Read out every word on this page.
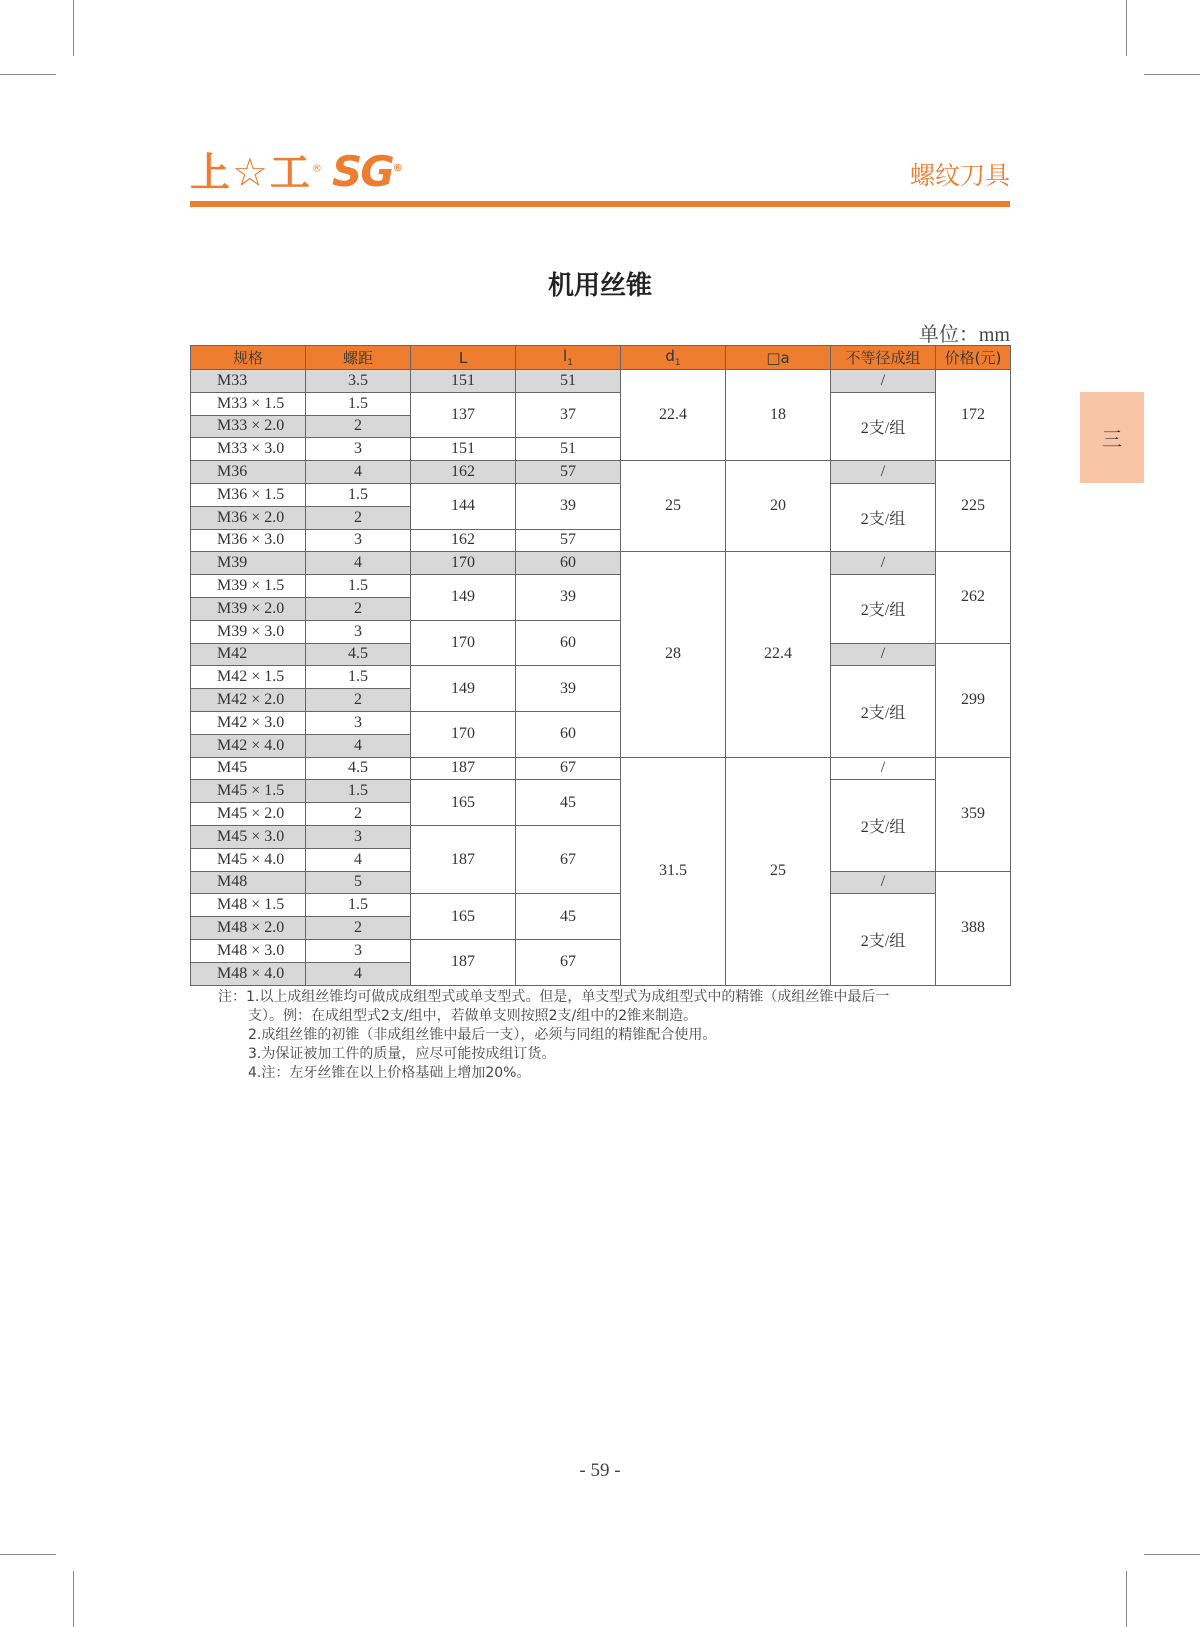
上☆工® SG®	螺纹刀具
机用丝锥
单位：mm
三
规格	螺距	L	$l_1$	$d_1$	□a	不等径成组	价格(元)
M33	3.5	151	51	22.4	18	/	172
M33 × 1.5	1.5	137	37			2支/组	
M33 × 2.0	2						
M33 × 3.0	3	151	51				
M36	4	162	57	25	20	/	225
M36 × 1.5	1.5	144	39			2支/组	
M36 × 2.0	2						
M36 × 3.0	3	162	57				
M39	4	170	60	28	22.4	/	262
M39 × 1.5	1.5	149	39			2支/组	
M39 × 2.0	2						
M39 × 3.0	3	170	60				
M42	4.5					/	299
M42 × 1.5	1.5	149	39			2支/组	
M42 × 2.0	2						
M42 × 3.0	3	170	60				
M42 × 4.0	4						
M45	4.5	187	67	31.5	25	/	359
M45 × 1.5	1.5	165	45			2支/组	
M45 × 2.0	2						
M45 × 3.0	3	187	67				
M45 × 4.0	4						
M48	5					/	388
M48 × 1.5	1.5	165	45			2支/组	
M48 × 2.0	2						
M48 × 3.0	3	187	67				
M48 × 4.0	4						
注：1.以上成组丝锥均可做成成组型式或单支型式。但是，单支型式为成组型式中的精锥（成组丝锥中最后一
支）。例：在成组型式2支/组中，若做单支则按照2支/组中的2锥来制造。
2.成组丝锥的初锥（非成组丝锥中最后一支），必须与同组的精锥配合使用。
3.为保证被加工件的质量，应尽可能按成组订货。
4.注：左牙丝锥在以上价格基础上增加20%。
- 59 -
